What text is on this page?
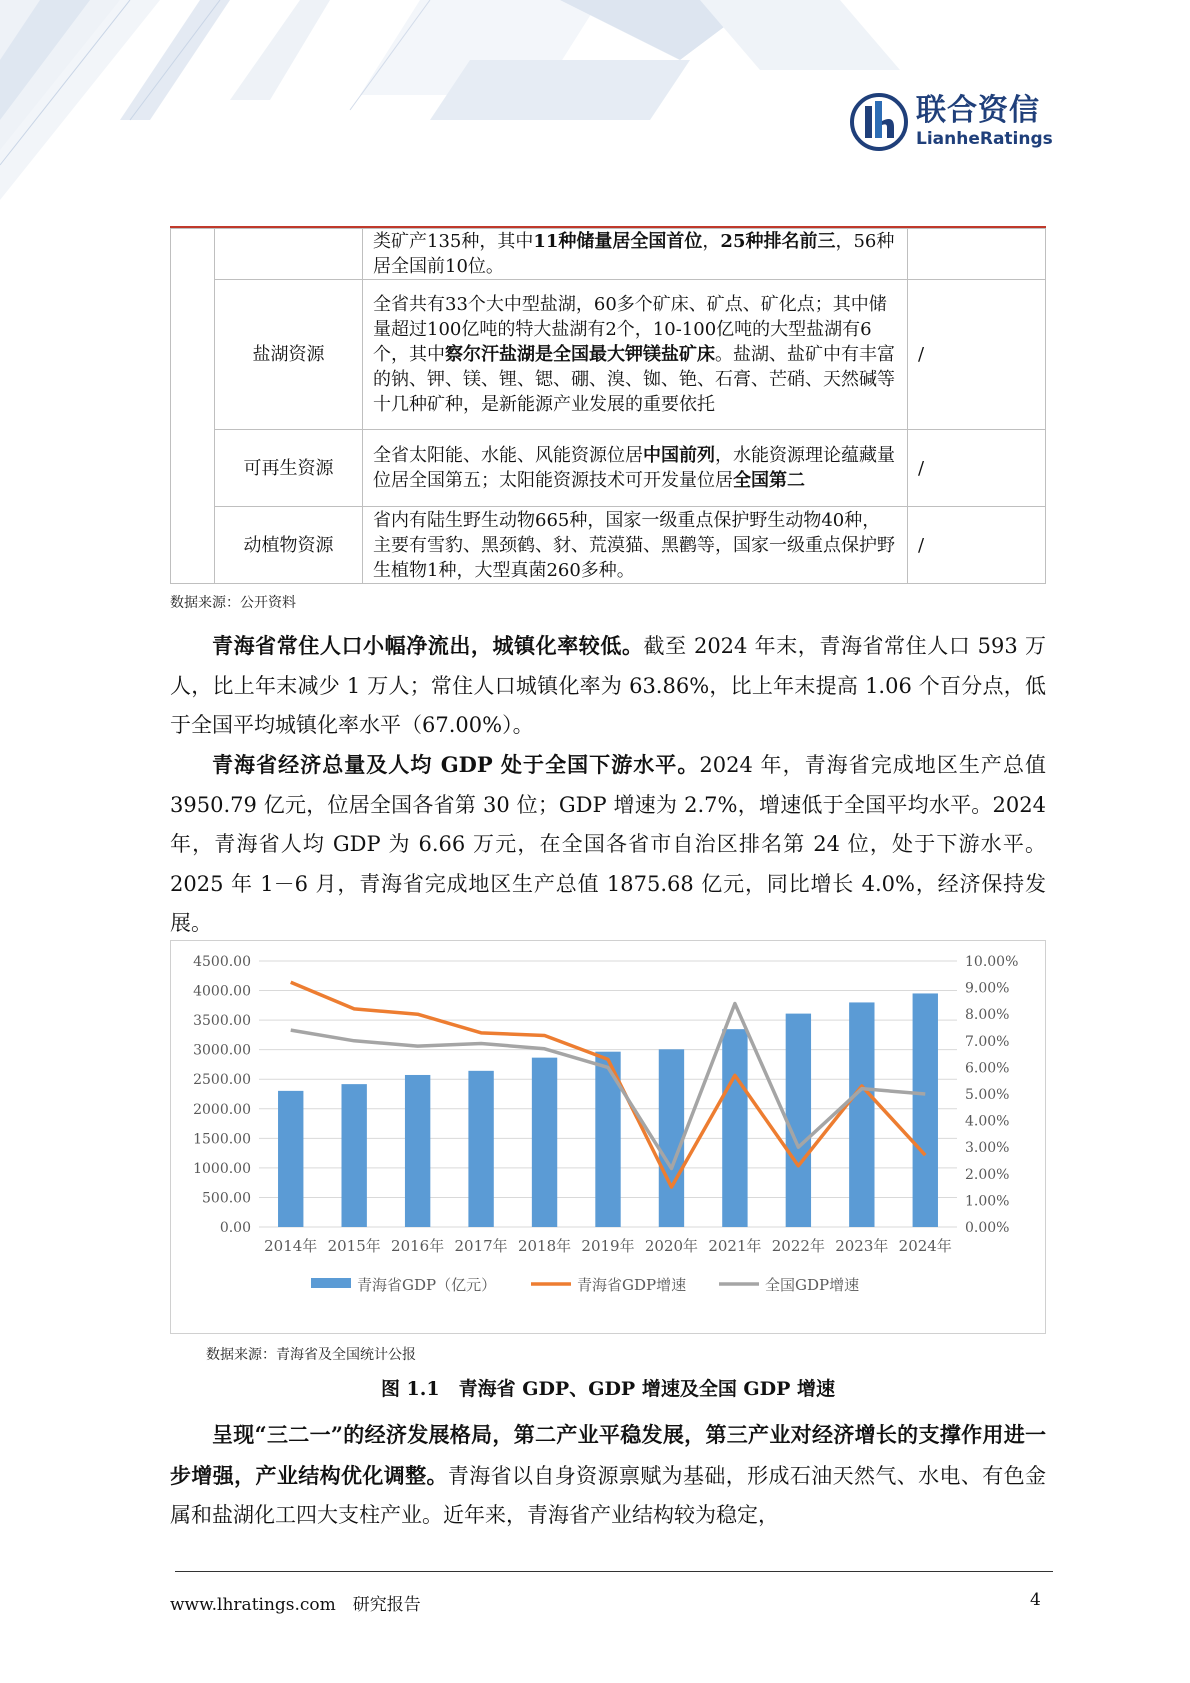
联合资信
LianheRatings
		类矿产135种，其中11种储量居全国首位，25种排名前三，56种居全国前10位。	
	盐湖资源	全省共有33个大中型盐湖，60多个矿床、矿点、矿化点；其中储量超过100亿吨的特大盐湖有2个，10-100亿吨的大型盐湖有6个，其中察尔汗盐湖是全国最大钾镁盐矿床。盐湖、盐矿中有丰富的钠、钾、镁、锂、锶、硼、溴、铷、铯、石膏、芒硝、天然碱等十几种矿种，是新能源产业发展的重要依托	/
	可再生资源	全省太阳能、水能、风能资源位居中国前列，水能资源理论蕴藏量位居全国第五；太阳能资源技术可开发量位居全国第二	/
	动植物资源	省内有陆生野生动物665种，国家一级重点保护野生动物40种，主要有雪豹、黑颈鹤、豺、荒漠猫、黑鹳等，国家一级重点保护野生植物1种，大型真菌260多种。	/
数据来源：公开资料

青海省常住人口小幅净流出，城镇化率较低。截至 2024 年末，青海省常住人口 593 万人，比上年末减少 1 万人；常住人口城镇化率为 63.86%，比上年末提高 1.06 个百分点，低于全国平均城镇化率水平（67.00%）。

青海省经济总量及人均 GDP 处于全国下游水平。2024 年，青海省完成地区生产总值 3950.79 亿元，位居全国各省第 30 位；GDP 增速为 2.7%，增速低于全国平均水平。2024 年，青海省人均 GDP 为 6.66 万元，在全国各省市自治区排名第 24 位，处于下游水平。2025 年 1－6 月，青海省完成地区生产总值 1875.68 亿元，同比增长 4.0%，经济保持发展。

0.00
500.00
1000.00
1500.00
2000.00
2500.00
3000.00
3500.00
4000.00
4500.00
0.00%
1.00%
2.00%
3.00%
4.00%
5.00%
6.00%
7.00%
8.00%
9.00%
10.00%
2014年 2015年 2016年 2017年 2018年 2019年 2020年 2021年 2022年 2023年 2024年
青海省GDP（亿元）	青海省GDP增速	全国GDP增速
数据来源：青海省及全国统计公报
图 1.1　青海省 GDP、GDP 增速及全国 GDP 增速

呈现“三二一”的经济发展格局，第二产业平稳发展，第三产业对经济增长的支撑作用进一步增强，产业结构优化调整。青海省以自身资源禀赋为基础，形成石油天然气、水电、有色金属和盐湖化工四大支柱产业。近年来，青海省产业结构较为稳定，

www.lhratings.com　研究报告	4
